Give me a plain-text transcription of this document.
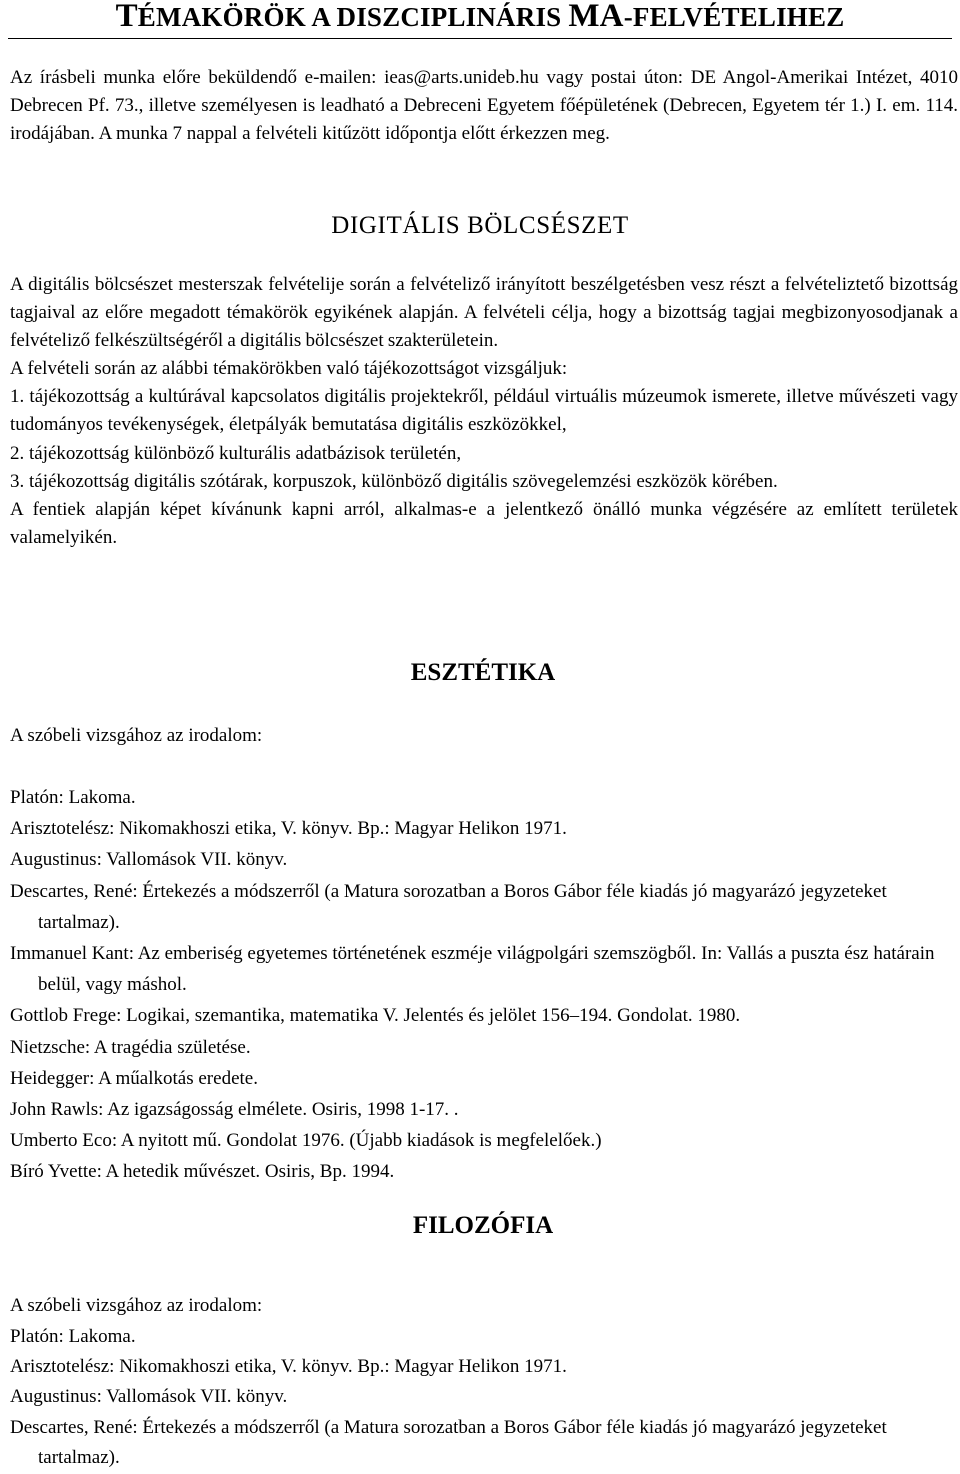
TÉMAKÖRÖK A DISZCIPLINÁRIS MA-FELVÉTELIHEZ

Az írásbeli munka előre beküldendő e-mailen: ieas@arts.unideb.hu vagy postai úton: DE Angol-Amerikai Intézet, 4010 Debrecen Pf. 73., illetve személyesen is leadható a Debreceni Egyetem főépületének (Debrecen, Egyetem tér 1.) I. em. 114. irodájában. A munka 7 nappal a felvételi kitűzött időpontja előtt érkezzen meg.

DIGITÁLIS BÖLCSÉSZET

A digitális bölcsészet mesterszak felvételije során a felvételiző irányított beszélgetésben vesz részt a felvételiztető bizottság tagjaival az előre megadott témakörök egyikének alapján. A felvételi célja, hogy a bizottság tagjai megbizonyosodjanak a felvételiző felkészültségéről a digitális bölcsészet szakterületein.

A felvételi során az alábbi témakörökben való tájékozottságot vizsgáljuk:

1. tájékozottság a kultúrával kapcsolatos digitális projektekről, például virtuális múzeumok ismerete, illetve művészeti vagy tudományos tevékenységek, életpályák bemutatása digitális eszközökkel,

2. tájékozottság különböző kulturális adatbázisok területén,

3. tájékozottság digitális szótárak, korpuszok, különböző digitális szövegelemzési eszközök körében.

A fentiek alapján képet kívánunk kapni arról, alkalmas-e a jelentkező önálló munka végzésére az említett területek valamelyikén.

ESZTÉTIKA

A szóbeli vizsgához az irodalom:

Platón: Lakoma.
Arisztotelész: Nikomakhoszi etika, V. könyv. Bp.: Magyar Helikon 1971.
Augustinus: Vallomások VII. könyv.
Descartes, René: Értekezés a módszerről (a Matura sorozatban a Boros Gábor féle kiadás jó magyarázó jegyzeteket tartalmaz).
Immanuel Kant: Az emberiség egyetemes történetének eszméje világpolgári szemszögből. In: Vallás a puszta ész határain belül, vagy máshol.
Gottlob Frege: Logikai, szemantika, matematika V. Jelentés és jelölet 156–194. Gondolat. 1980.
Nietzsche: A tragédia születése.
Heidegger: A műalkotás eredete.
John Rawls: Az igazságosság elmélete. Osiris, 1998 1-17. .
Umberto Eco: A nyitott mű. Gondolat 1976. (Újabb kiadások is megfelelőek.)
Bíró Yvette: A hetedik művészet. Osiris, Bp. 1994.
FILOZÓFIA

A szóbeli vizsgához az irodalom:

Platón: Lakoma.
Arisztotelész: Nikomakhoszi etika, V. könyv. Bp.: Magyar Helikon 1971.
Augustinus: Vallomások VII. könyv.
Descartes, René: Értekezés a módszerről (a Matura sorozatban a Boros Gábor féle kiadás jó magyarázó jegyzeteket tartalmaz).
